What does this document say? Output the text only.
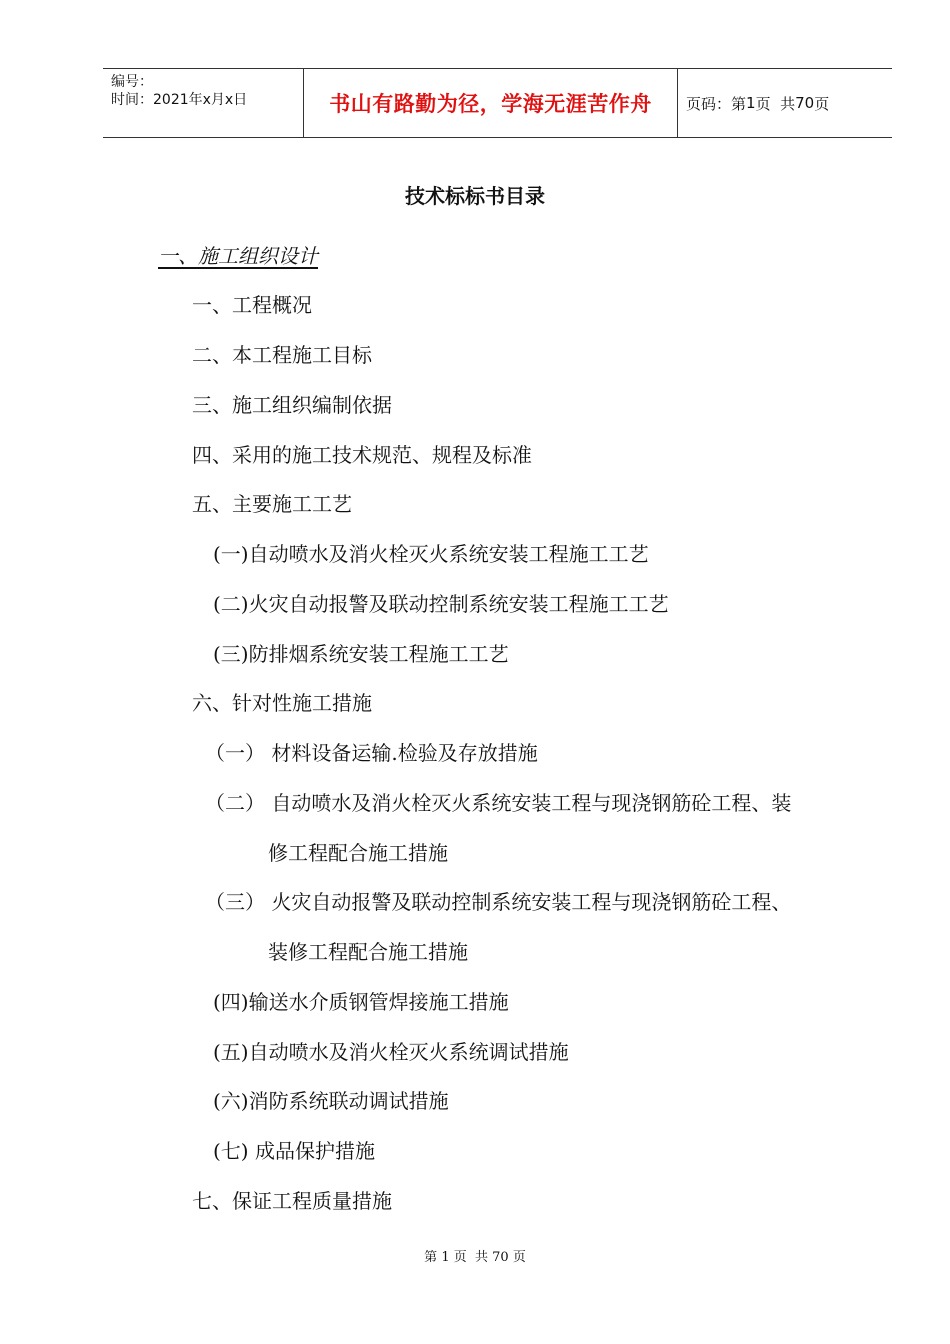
编号：
时间：2021年x月x日	书山有路勤为径，学海无涯苦作舟	页码：第 1 页  共 70 页
技术标标书目录
一、施工组织设计
一、工程概况
二、本工程施工目标
三、施工组织编制依据
四、采用的施工技术规范、规程及标准
五、主要施工工艺
(一)自动喷水及消火栓灭火系统安装工程施工工艺
(二)火灾自动报警及联动控制系统安装工程施工工艺
(三)防排烟系统安装工程施工工艺
六、针对性施工措施
（一） 材料设备运输.检验及存放措施
（二） 自动喷水及消火栓灭火系统安装工程与现浇钢筋砼工程、装
修工程配合施工措施
（三） 火灾自动报警及联动控制系统安装工程与现浇钢筋砼工程、
装修工程配合施工措施
(四)输送水介质钢管焊接施工措施
(五)自动喷水及消火栓灭火系统调试措施
(六)消防系统联动调试措施
(七) 成品保护措施
七、保证工程质量措施
第 1 页  共 70 页
